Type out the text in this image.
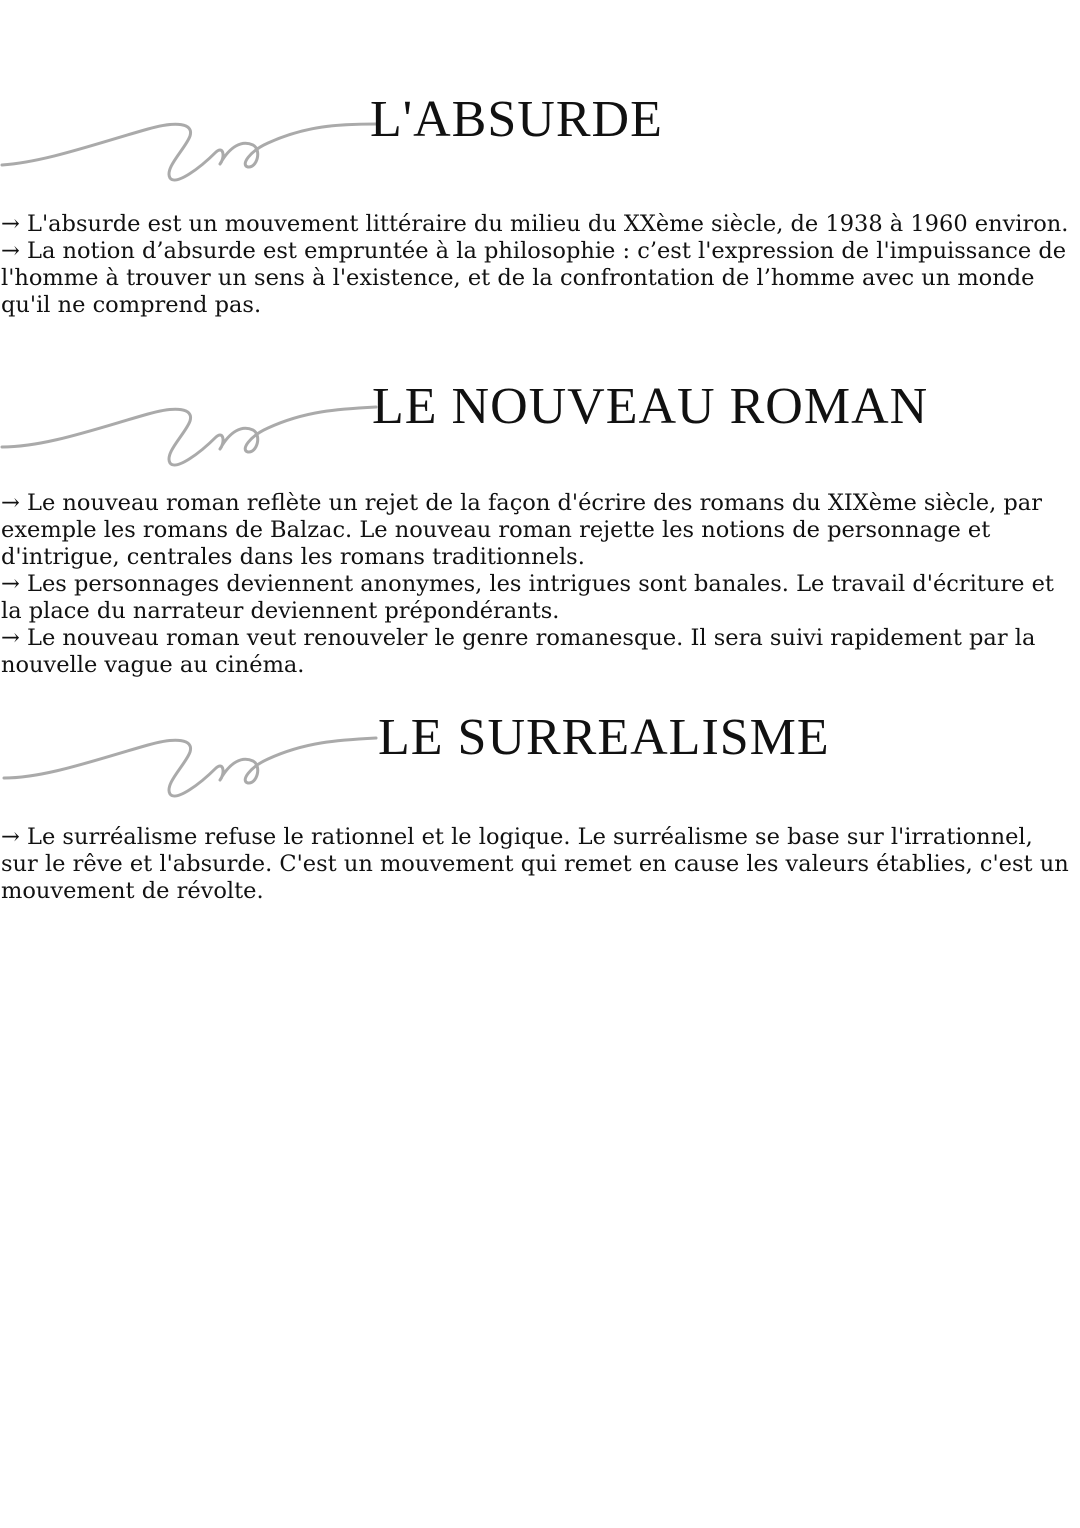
L'ABSURDE

→ L'absurde est un mouvement littéraire du milieu du XXème siècle, de 1938 à 1960 environ.

→ La notion d’absurde est empruntée à la philosophie : c’est l'expression de l'impuissance de l'homme à trouver un sens à l'existence, et de la confrontation de l’homme avec un monde qu'il ne comprend pas.

LE NOUVEAU ROMAN

→ Le nouveau roman reflète un rejet de la façon d'écrire des romans du XIXème siècle, par exemple les romans de Balzac. Le nouveau roman rejette les notions de personnage et d'intrigue, centrales dans les romans traditionnels.

→ Les personnages deviennent anonymes, les intrigues sont banales. Le travail d'écriture et la place du narrateur deviennent prépondérants.

→ Le nouveau roman veut renouveler le genre romanesque. Il sera suivi rapidement par la nouvelle vague au cinéma.

LE SURREALISME

→ Le surréalisme refuse le rationnel et le logique. Le surréalisme se base sur l'irrationnel, sur le rêve et l'absurde. C'est un mouvement qui remet en cause les valeurs établies, c'est un mouvement de révolte.
